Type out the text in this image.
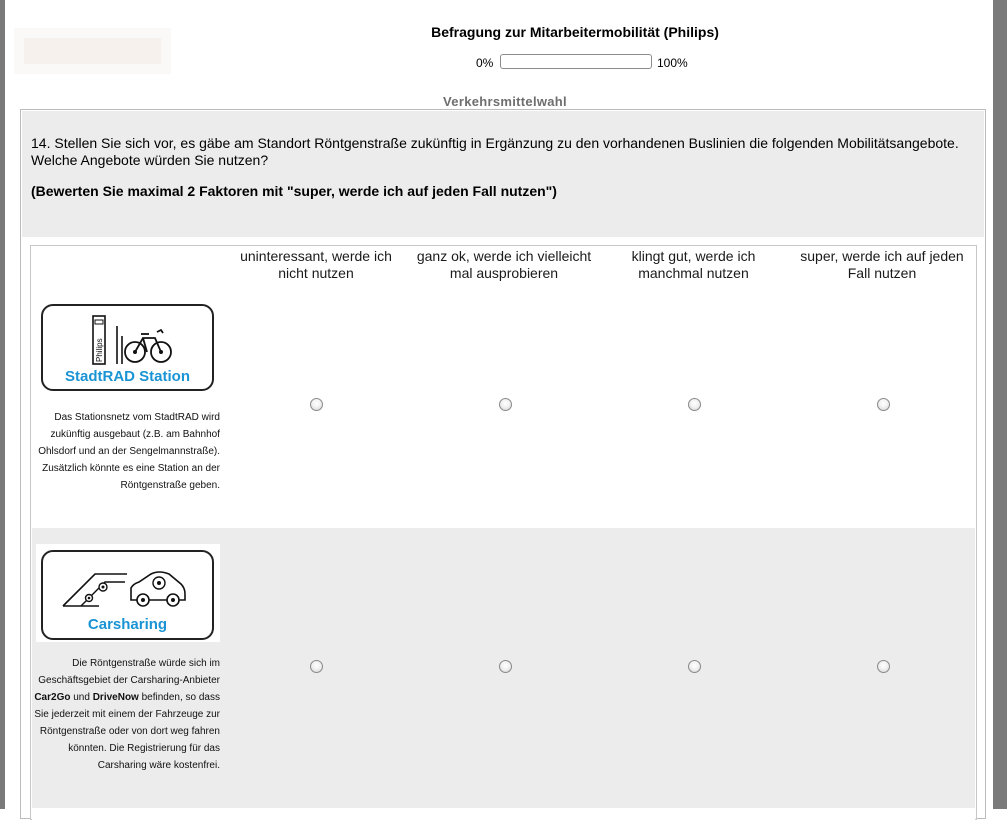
Befragung zur Mitarbeitermobilität (Philips)
0%	100%
Verkehrsmittelwahl
14. Stellen Sie sich vor, es gäbe am Standort Röntgenstraße zukünftig in Ergänzung zu den vorhandenen Buslinien die folgenden Mobilitätsangebote. Welche Angebote würden Sie nutzen?
(Bewerten Sie maximal 2 Faktoren mit "super, werde ich auf jeden Fall nutzen")
uninteressant, werde ich nicht nutzen
ganz ok, werde ich vielleicht mal ausprobieren
klingt gut, werde ich manchmal nutzen
super, werde ich auf jeden Fall nutzen
Philips
StadtRAD Station
Das Stationsnetz vom StadtRAD wird zukünftig ausgebaut (z.B. am Bahnhof Ohlsdorf und an der Sengelmannstraße). Zusätzlich könnte es eine Station an der Röntgenstraße geben.
Carsharing
Die Röntgenstraße würde sich im Geschäftsgebiet der Carsharing-Anbieter Car2Go und DriveNow befinden, so dass Sie jederzeit mit einem der Fahrzeuge zur Röntgenstraße oder von dort weg fahren könnten. Die Registrierung für das Carsharing wäre kostenfrei.
